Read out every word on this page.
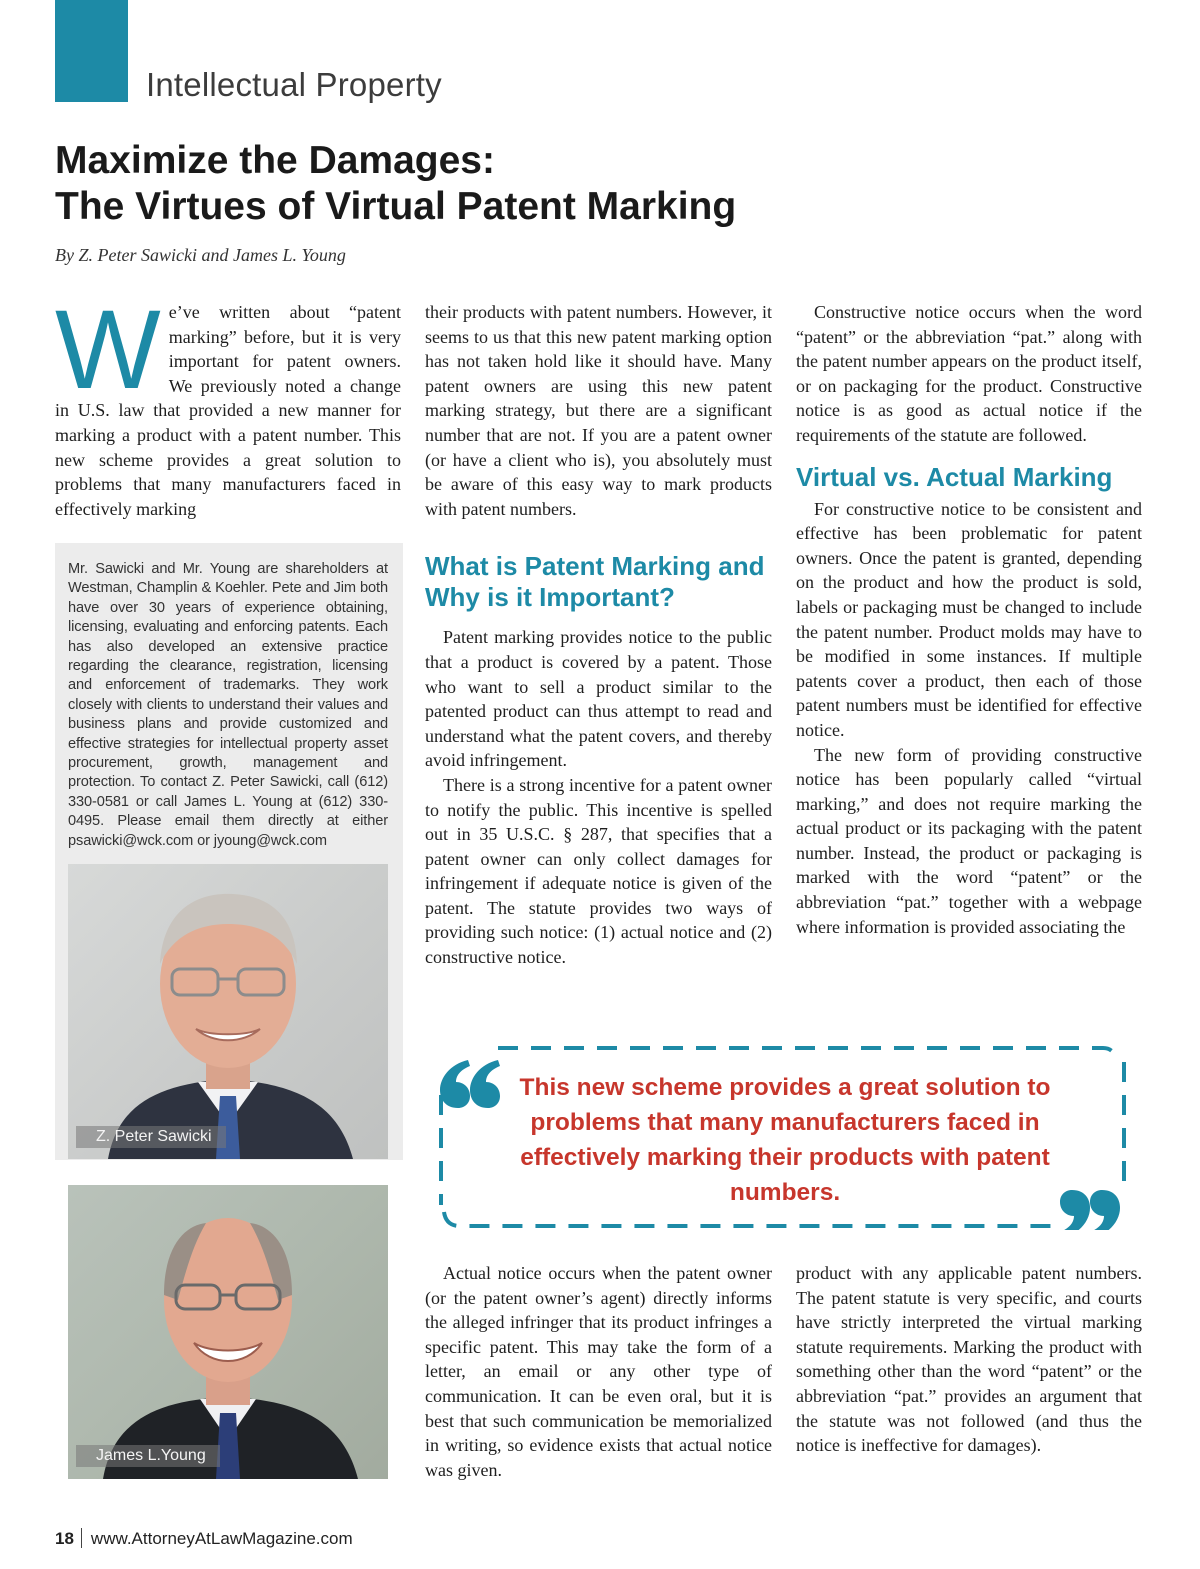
Intellectual Property
Maximize the Damages:
The Virtues of Virtual Patent Marking
By Z. Peter Sawicki and James L. Young

We’ve written about “patent marking” before, but it is very important for patent owners. We previously noted a change in U.S. law that provided a new manner for marking a product with a patent number. This new scheme provides a great solution to problems that many manufacturers faced in effectively marking

Mr. Sawicki and Mr. Young are shareholders at Westman, Champlin & Koehler. Pete and Jim both have over 30 years of experience obtaining, licensing, evaluating and enforcing patents. Each has also developed an extensive practice regarding the clearance, registration, licensing and enforcement of trademarks. They work closely with clients to understand their values and business plans and provide customized and effective strategies for intellectual property asset procurement, growth, management and protection. To contact Z. Peter Sawicki, call (612) 330-0581 or call James L. Young at (612) 330-0495. Please email them directly at either psawicki@wck.com or jyoung@wck.com
Z. Peter Sawicki
James L.Young

their products with patent numbers. However, it seems to us that this new patent marking option has not taken hold like it should have. Many patent owners are using this new patent marking strategy, but there are a significant number that are not. If you are a patent owner (or have a client who is), you absolutely must be aware of this easy way to mark products with patent numbers.

What is Patent Marking and Why is it Important?

Patent marking provides notice to the public that a product is covered by a patent. Those who want to sell a product similar to the patented product can thus attempt to read and understand what the patent covers, and thereby avoid infringement.

There is a strong incentive for a patent owner to notify the public. This incentive is spelled out in 35 U.S.C. § 287, that specifies that a patent owner can only collect damages for infringement if adequate notice is given of the patent. The statute provides two ways of providing such notice: (1) actual notice and (2) constructive notice.

Constructive notice occurs when the word “patent” or the abbreviation “pat.” along with the patent number appears on the product itself, or on packaging for the product. Constructive notice is as good as actual notice if the requirements of the statute are followed.

Virtual vs. Actual Marking

For constructive notice to be consistent and effective has been problematic for patent owners. Once the patent is granted, depending on the product and how the product is sold, labels or packaging must be changed to include the patent number. Product molds may have to be modified in some instances. If multiple patents cover a product, then each of those patent numbers must be identified for effective notice.

The new form of providing constructive notice has been popularly called “virtual marking,” and does not require marking the actual product or its packaging with the patent number. Instead, the product or packaging is marked with the word “patent” or the abbreviation “pat.” together with a webpage where information is provided associating the

This new scheme provides a great solution to problems that many manufacturers faced in effectively marking their products with patent numbers.

Actual notice occurs when the patent owner (or the patent owner’s agent) directly informs the alleged infringer that its product infringes a specific patent. This may take the form of a letter, an email or any other type of communication. It can be even oral, but it is best that such communication be memorialized in writing, so evidence exists that actual notice was given.

product with any applicable patent numbers. The patent statute is very specific, and courts have strictly interpreted the virtual marking statute requirements. Marking the product with something other than the word “patent” or the abbreviation “pat.” provides an argument that the statute was not followed (and thus the notice is ineffective for damages).

18 www.AttorneyAtLawMagazine.com
